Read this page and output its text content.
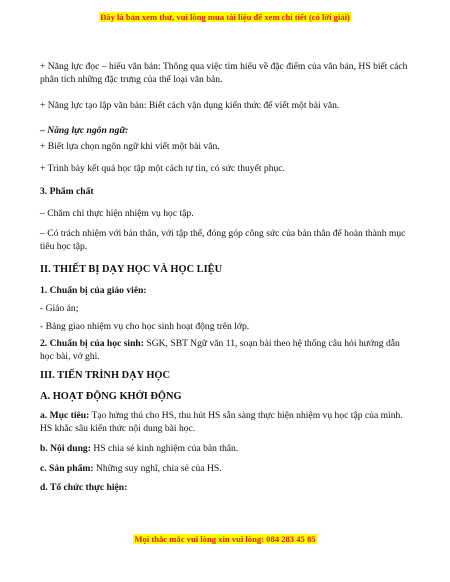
Đây là bản xem thử, vui lòng mua tài liệu để xem chi tiết (có lời giải)
+ Năng lực đọc – hiểu văn bản: Thông qua việc tìm hiểu về đặc điểm của văn bản, HS biết cách phân tích những đặc trưng của thể loại văn bản.
+ Năng lực tạo lập văn bản: Biết cách vận dụng kiến thức để viết một bài văn.
– Năng lực ngôn ngữ:
+ Biết lựa chọn ngôn ngữ khi viết một bài văn.
+ Trình bày kết quả học tập một cách tự tin, có sức thuyết phục.
3. Phẩm chất
– Chăm chỉ thực hiện nhiệm vụ học tập.
– Có trách nhiệm với bản thân, với tập thể, đóng góp công sức của bản thân để hoàn thành mục tiêu học tập.
II. THIẾT BỊ DẠY HỌC VÀ HỌC LIỆU
1. Chuẩn bị của giáo viên:
- Giáo án;
- Bảng giao nhiệm vụ cho học sinh hoạt động trên lớp.
2. Chuẩn bị của học sinh: SGK, SBT Ngữ văn 11, soạn bài theo hệ thống câu hỏi hướng dẫn học bài, vở ghi.
III. TIẾN TRÌNH DẠY HỌC
A. HOẠT ĐỘNG KHỞI ĐỘNG
a. Mục tiêu: Tạo hứng thú cho HS, thu hút HS sẵn sàng thực hiện nhiệm vụ học tập của mình. HS khắc sâu kiến thức nội dung bài học.
b. Nội dung: HS chia sẻ kinh nghiệm của bản thân.
c. Sản phẩm: Những suy nghĩ, chia sẻ của HS.
d. Tổ chức thực hiện:
Mọi thắc mắc vui lòng xin vui lòng: 084 283 45 85
